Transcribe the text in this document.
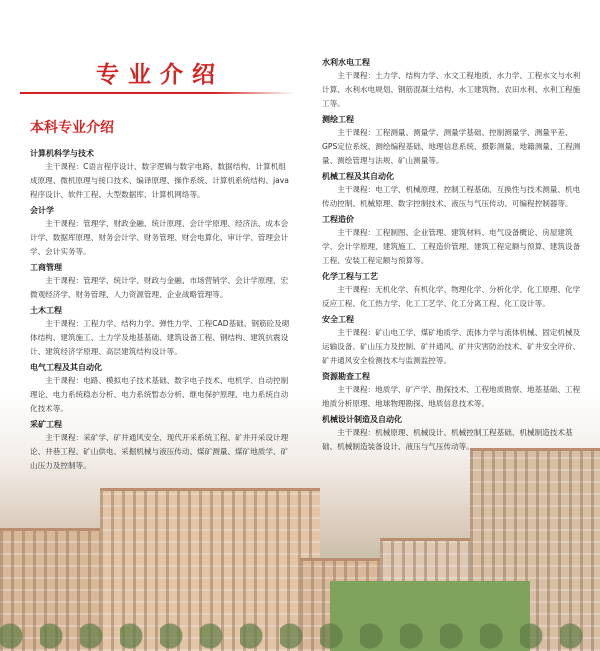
专业介绍
本科专业介绍
计算机科学与技术

主干课程：C语言程序设计、数字逻辑与数字电路、数据结构、计算机组成原理、微机原理与接口技术、编译原理、操作系统、计算机系统结构、java程序设计、软件工程、大型数据库、计算机网络等。

会计学

主干课程：管理学、财政金融、统计原理、会计学原理、经济法、成本会计学、数据库原理、财务会计学、财务管理、财会电算化、审计学、管理会计学、会计实务等。

工商管理

主干课程：管理学、统计学、财政与金融、市场营销学、会计学原理、宏微观经济学、财务管理、人力资源管理、企业战略管理等。

土木工程

主干课程：工程力学、结构力学、弹性力学、工程CAD基础、钢筋砼及砌体结构、建筑施工、土力学及地基基础、建筑设备工程、钢结构、建筑抗震设计、建筑经济学原理、高层建筑结构设计等。

电气工程及其自动化

主干课程：电路、模拟电子技术基础、数字电子技术、电机学、自动控制理论、电力系统稳态分析、电力系统暂态分析、继电保护原理、电力系统自动化技术等。

采矿工程

主干课程：采矿学、矿井通风安全、现代开采系统工程、矿井开采设计理论、井巷工程、矿山供电、采掘机械与液压传动、煤矿测量、煤矿地质学、矿山压力及控制等。

水利水电工程

主干课程：土力学、结构力学、水文工程地质、水力学、工程水文与水利计算、水利水电规划、钢筋混凝土结构、水工建筑物、农田水利、水利工程施工等。

测绘工程

主干课程：工程测量、测量学、测量学基础、控制测量学、测量平差、GPS定位系统、测绘编程基础、地理信息系统、摄影测量、地籍测量、工程测量、测绘管理与法规、矿山测量等。

机械工程及其自动化

主干课程：电工学、机械原理、控制工程基础、互换性与技术测量、机电传动控制、机械原理、数字控制技术、液压与气压传动、可编程控制器等。

工程造价

主干课程：工程制图、企业管理、建筑材料、电气设备概论、房屋建筑学、会计学原理、建筑施工、工程造价管理、建筑工程定额与预算、建筑设备工程、安装工程定额与预算等。

化学工程与工艺

主干课程：无机化学、有机化学、物理化学、分析化学、化工原理、化学反应工程、化工热力学、化工工艺学、化工分离工程、化工设计等。

安全工程

主干课程：矿山电工学、煤矿地质学、流体力学与流体机械、固定机械及运输设备、矿山压力及控制、矿井通风、矿井灾害防治技术、矿井安全评价、矿井通风安全检测技术与监测监控等。

资源勘查工程

主干课程：地质学、矿产学、勘探技术、工程地质勘察、地基基础、工程地质分析原理、地球物理勘探、地质信息技术等。

机械设计制造及自动化

主干课程：机械原理、机械设计、机械控制工程基础、机械制造技术基础、机械制造装备设计、液压与气压传动等。
